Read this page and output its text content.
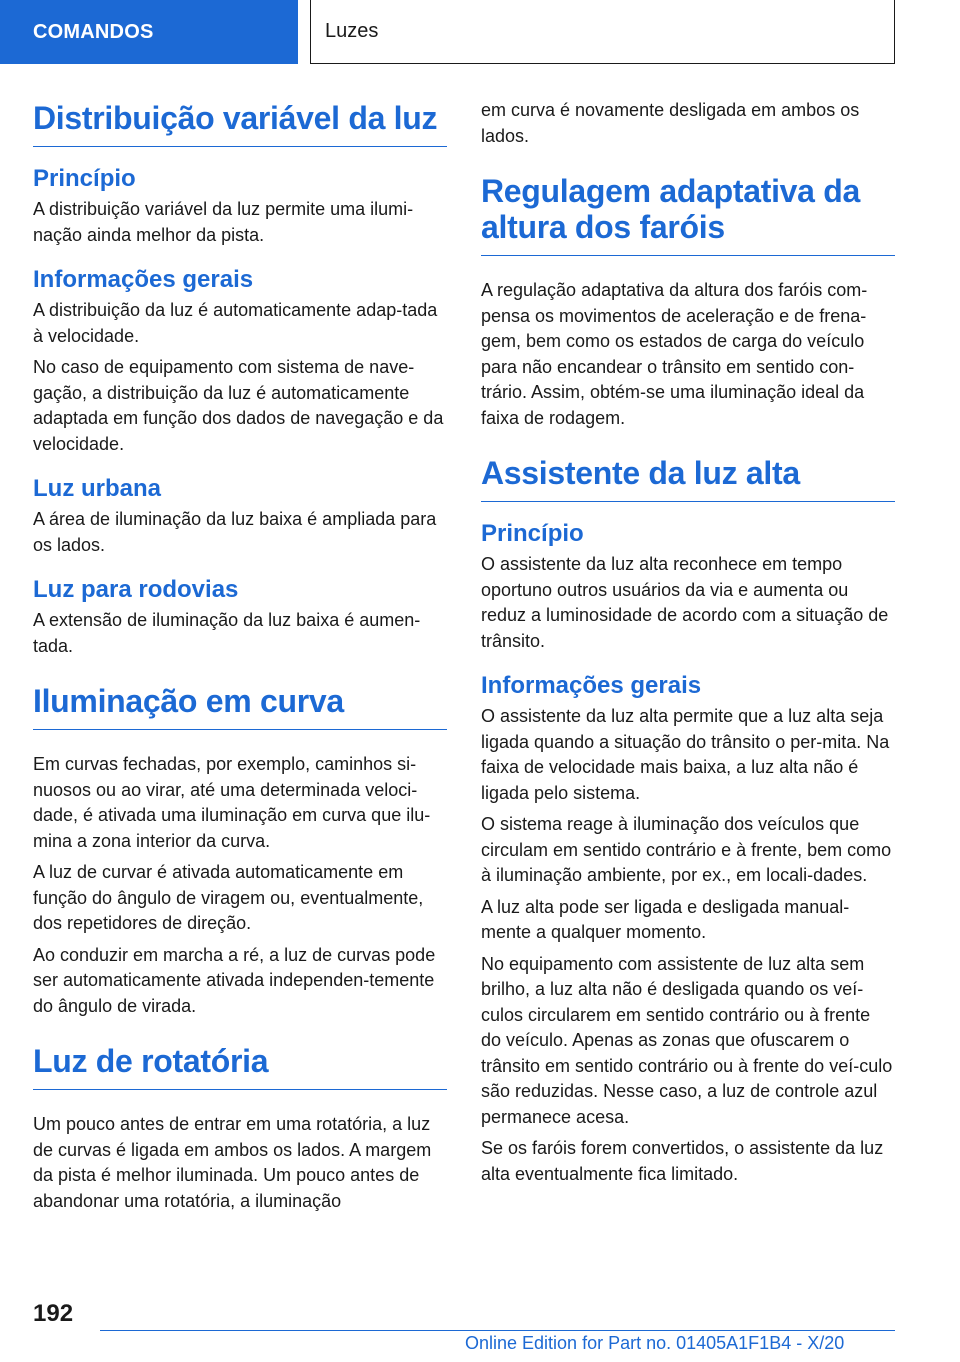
COMANDOS	Luzes
Distribuição variável da luz
Princípio

A distribuição variável da luz permite uma ilumi-nação ainda melhor da pista.

Informações gerais

A distribuição da luz é automaticamente adap-tada à velocidade.

No caso de equipamento com sistema de nave-gação, a distribuição da luz é automaticamente adaptada em função dos dados de navegação e da velocidade.

Luz urbana

A área de iluminação da luz baixa é ampliada para os lados.

Luz para rodovias

A extensão de iluminação da luz baixa é aumen-tada.

Iluminação em curva

Em curvas fechadas, por exemplo, caminhos si-nuosos ou ao virar, até uma determinada veloci-dade, é ativada uma iluminação em curva que ilu-mina a zona interior da curva.

A luz de curvar é ativada automaticamente em função do ângulo de viragem ou, eventualmente, dos repetidores de direção.

Ao conduzir em marcha a ré, a luz de curvas pode ser automaticamente ativada independen-temente do ângulo de virada.

Luz de rotatória

Um pouco antes de entrar em uma rotatória, a luz de curvas é ligada em ambos os lados. A margem da pista é melhor iluminada. Um pouco antes de abandonar uma rotatória, a iluminação

em curva é novamente desligada em ambos os lados.

Regulagem adaptativa da altura dos faróis

A regulação adaptativa da altura dos faróis com-pensa os movimentos de aceleração e de frena-gem, bem como os estados de carga do veículo para não encandear o trânsito em sentido con-trário. Assim, obtém-se uma iluminação ideal da faixa de rodagem.

Assistente da luz alta
Princípio

O assistente da luz alta reconhece em tempo oportuno outros usuários da via e aumenta ou reduz a luminosidade de acordo com a situação de trânsito.

Informações gerais

O assistente da luz alta permite que a luz alta seja ligada quando a situação do trânsito o per-mita. Na faixa de velocidade mais baixa, a luz alta não é ligada pelo sistema.

O sistema reage à iluminação dos veículos que circulam em sentido contrário e à frente, bem como à iluminação ambiente, por ex., em locali-dades.

A luz alta pode ser ligada e desligada manual-mente a qualquer momento.

No equipamento com assistente de luz alta sem brilho, a luz alta não é desligada quando os veí-culos circularem em sentido contrário ou à frente do veículo. Apenas as zonas que ofuscarem o trânsito em sentido contrário ou à frente do veí-culo são reduzidas. Nesse caso, a luz de controle azul permanece acesa.

Se os faróis forem convertidos, o assistente da luz alta eventualmente fica limitado.

192
Online Edition for Part no. 01405A1F1B4 - X/20
